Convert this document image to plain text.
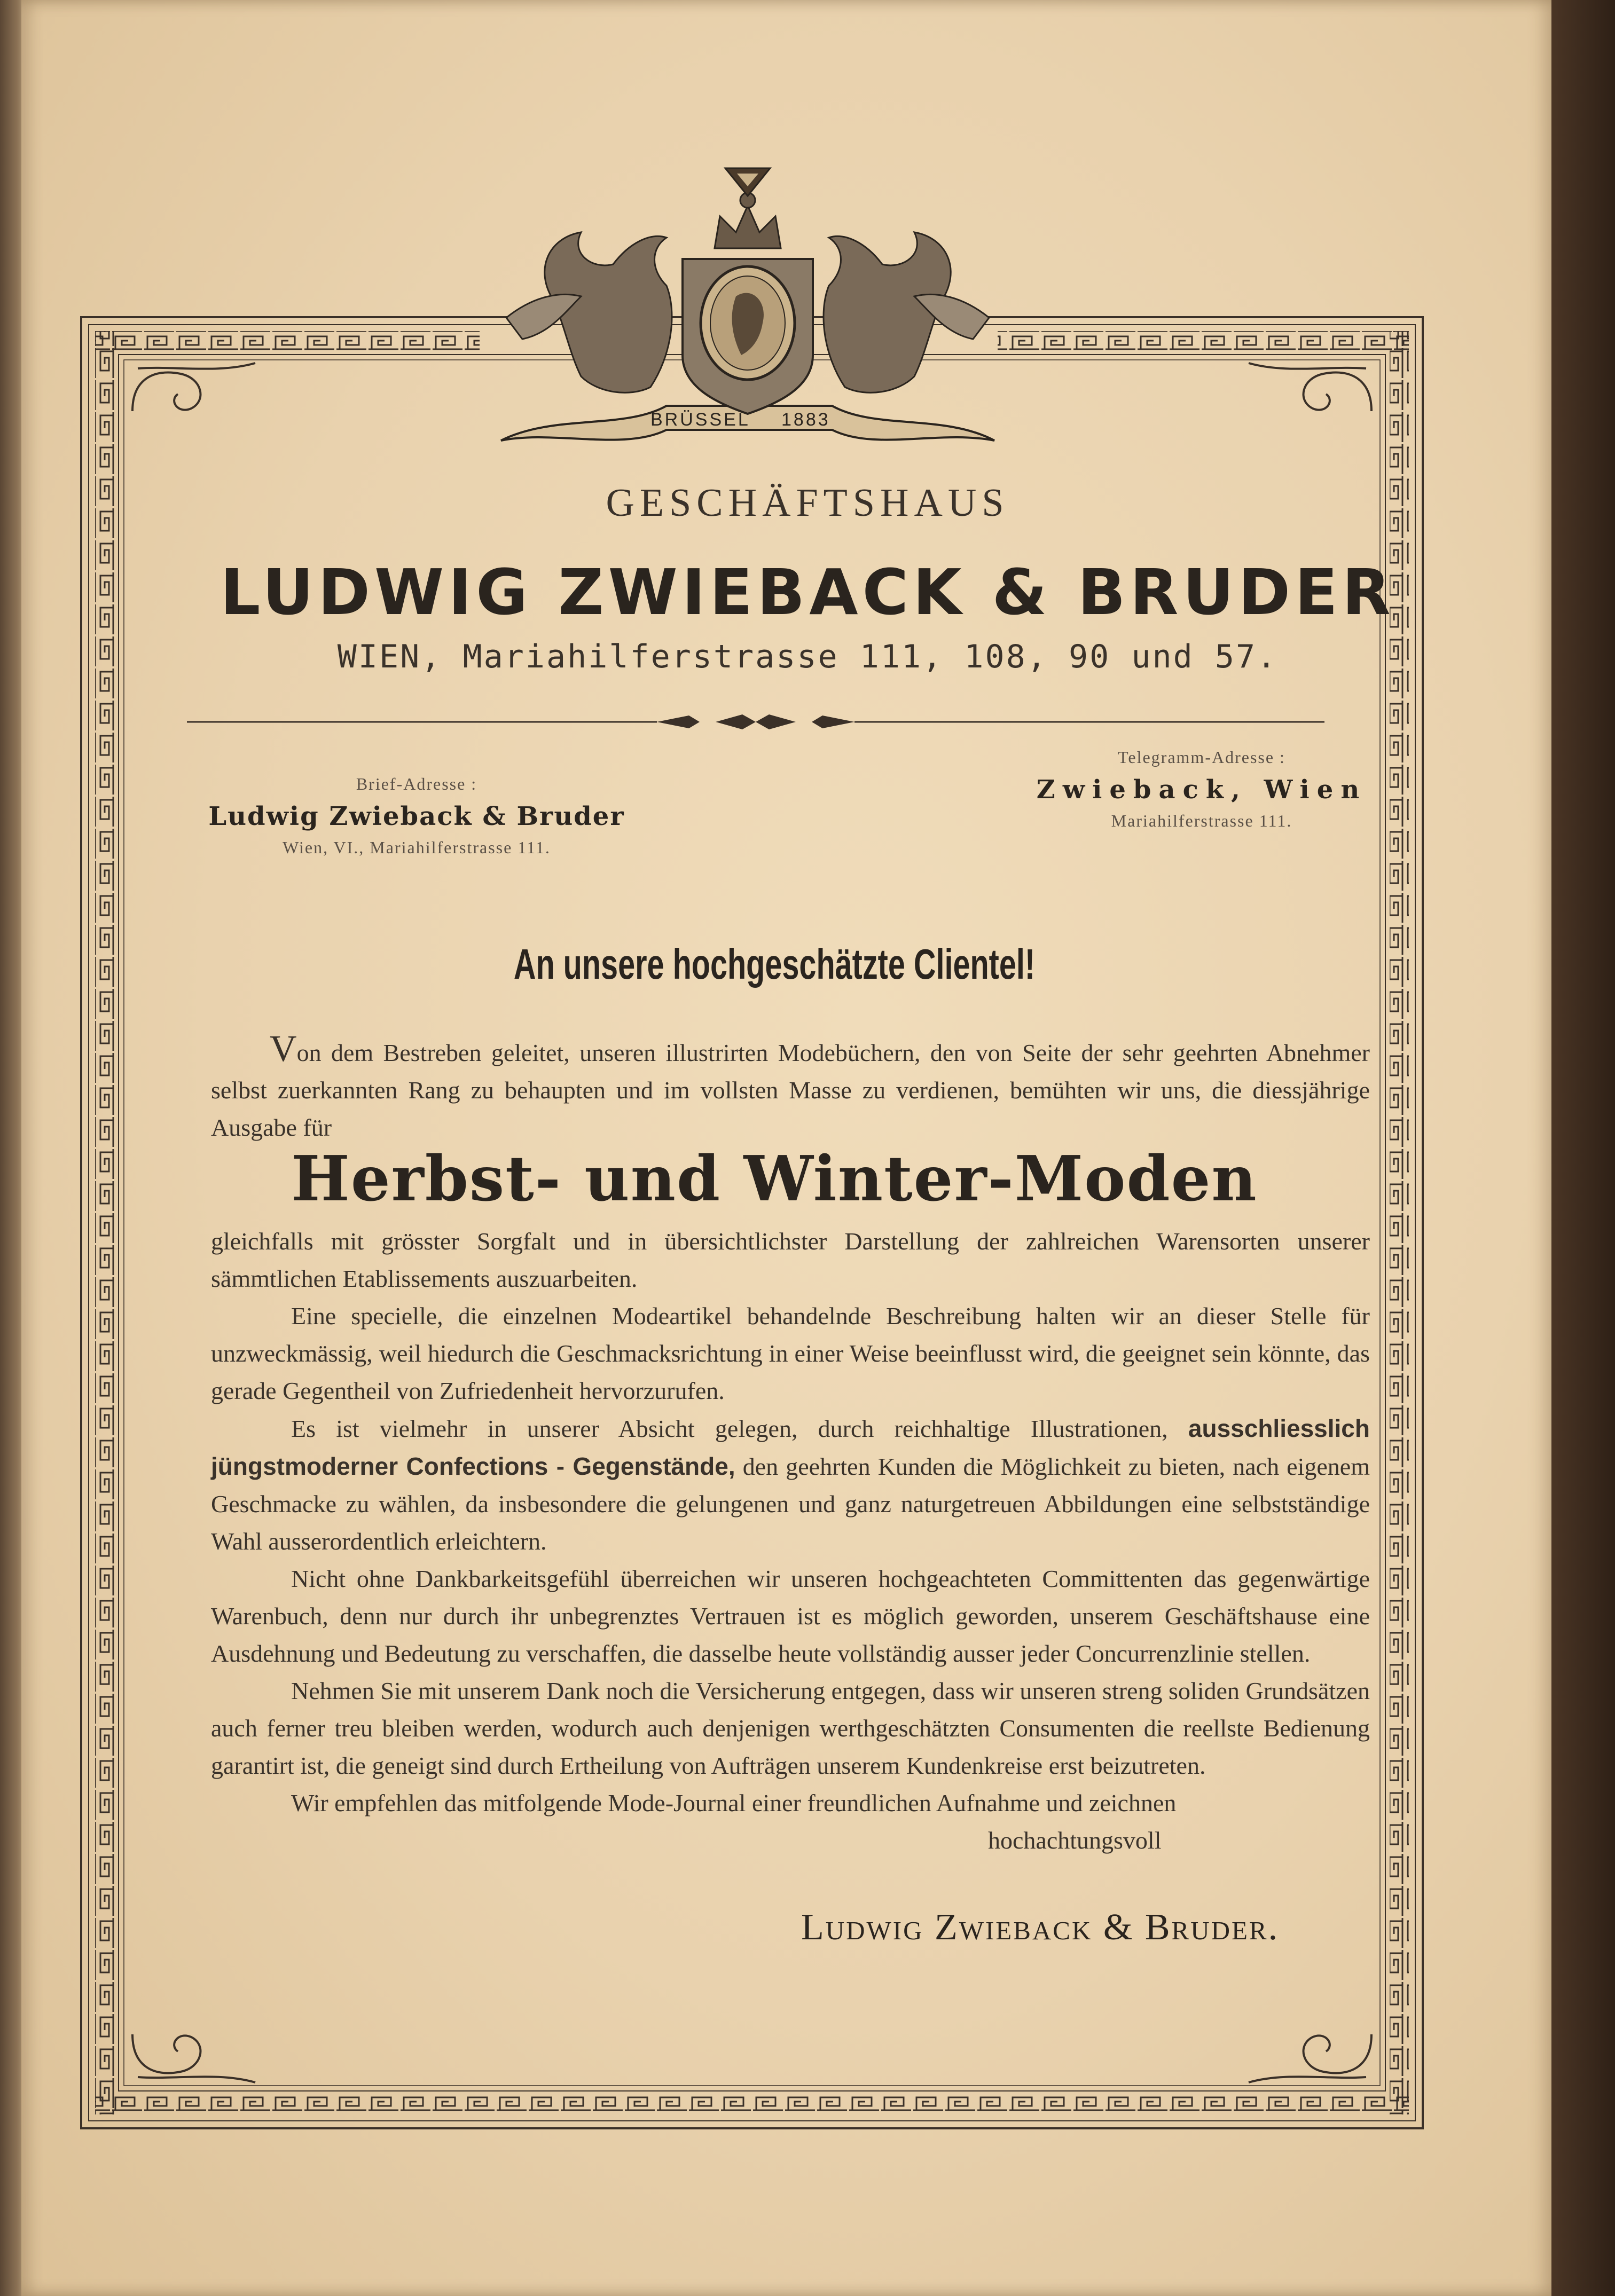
BRÜSSEL 1883
GESCHÄFTSHAUS
LUDWIG ZWIEBACK & BRUDER
WIEN, Mariahilferstrasse 111, 108, 90 und 57.
Brief-Adresse :
Ludwig Zwieback & Bruder
Wien, VI., Mariahilferstrasse 111.
Telegramm-Adresse :
Zwieback, Wien
Mariahilferstrasse 111.
An unsere hochgeschätzte Clientel!

Von dem Bestreben geleitet, unseren illustrirten Modebüchern, den von Seite der sehr geehrten Abnehmer selbst zuerkannten Rang zu behaupten und im vollsten Masse zu verdienen, bemühten wir uns, die diessjährige Ausgabe für

Herbst- und Winter-Moden

gleichfalls mit grösster Sorgfalt und in übersichtlichster Darstellung der zahlreichen Warensorten unserer sämmtlichen Etablissements auszuarbeiten.

Eine specielle, die einzelnen Modeartikel behandelnde Beschreibung halten wir an dieser Stelle für unzweckmässig, weil hiedurch die Geschmacksrichtung in einer Weise beeinflusst wird, die geeignet sein könnte, das gerade Gegentheil von Zufriedenheit hervorzurufen.

Es ist vielmehr in unserer Absicht gelegen, durch reichhaltige Illustrationen, ausschliesslich jüngstmoderner Confections - Gegenstände, den geehrten Kunden die Möglichkeit zu bieten, nach eigenem Geschmacke zu wählen, da insbesondere die gelungenen und ganz naturgetreuen Abbildungen eine selbstständige Wahl ausserordentlich erleichtern.

Nicht ohne Dankbarkeitsgefühl überreichen wir unseren hochgeachteten Committenten das gegenwärtige Warenbuch, denn nur durch ihr unbegrenztes Vertrauen ist es möglich geworden, unserem Geschäftshause eine Ausdehnung und Bedeutung zu verschaffen, die dasselbe heute vollständig ausser jeder Concurrenzlinie stellen.

Nehmen Sie mit unserem Dank noch die Versicherung entgegen, dass wir unseren streng soliden Grundsätzen auch ferner treu bleiben werden, wodurch auch denjenigen werthgeschätzten Consumenten die reellste Bedienung garantirt ist, die geneigt sind durch Ertheilung von Aufträgen unserem Kundenkreise erst beizutreten.

Wir empfehlen das mitfolgende Mode-Journal einer freundlichen Aufnahme und zeichnen

hochachtungsvoll
Ludwig Zwieback & Bruder.
